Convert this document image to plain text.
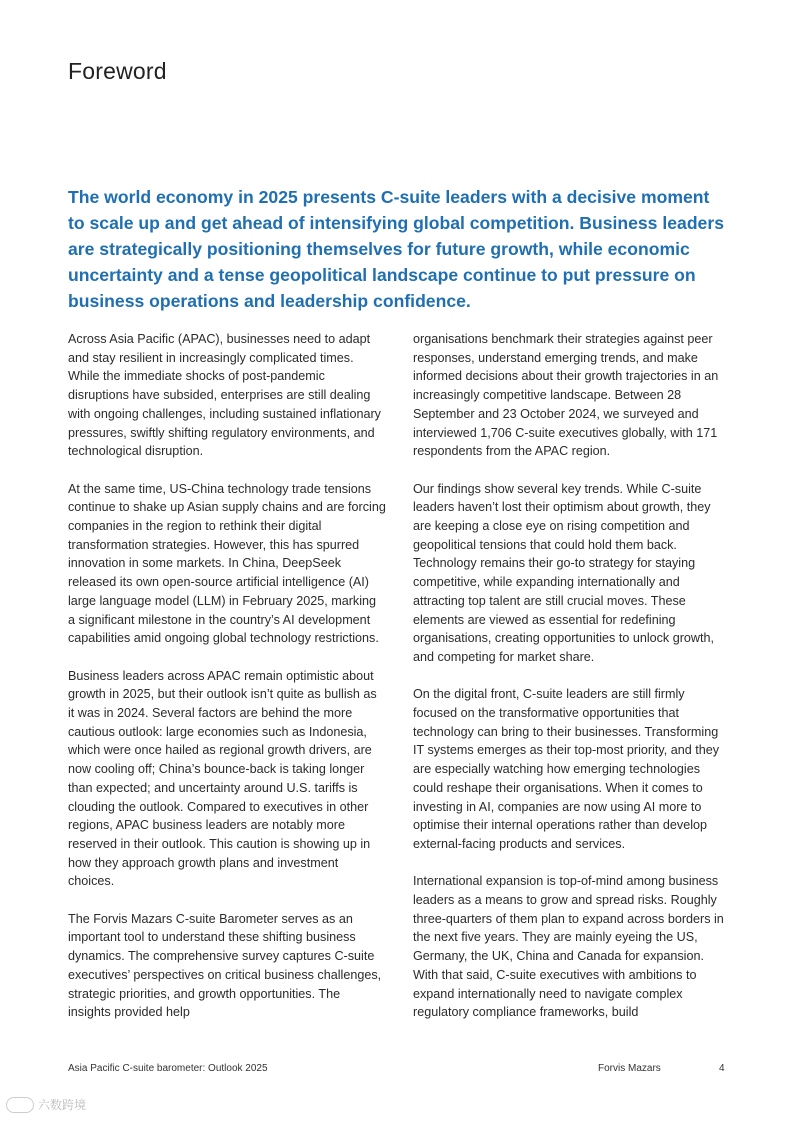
Foreword

The world economy in 2025 presents C-suite leaders with a decisive moment to scale up and get ahead of intensifying global competition. Business leaders are strategically positioning themselves for future growth, while economic uncertainty and a tense geopolitical landscape continue to put pressure on business operations and leadership confidence.

Across Asia Pacific (APAC), businesses need to adapt and stay resilient in increasingly complicated times. While the immediate shocks of post-pandemic disruptions have subsided, enterprises are still dealing with ongoing challenges, including sustained inflationary pressures, swiftly shifting regulatory environments, and technological disruption.

At the same time, US-China technology trade tensions continue to shake up Asian supply chains and are forcing companies in the region to rethink their digital transformation strategies. However, this has spurred innovation in some markets. In China, DeepSeek released its own open-source artificial intelligence (AI) large language model (LLM) in February 2025, marking a significant milestone in the country’s AI development capabilities amid ongoing global technology restrictions.

Business leaders across APAC remain optimistic about growth in 2025, but their outlook isn’t quite as bullish as it was in 2024. Several factors are behind the more cautious outlook: large economies such as Indonesia, which were once hailed as regional growth drivers, are now cooling off; China’s bounce-back is taking longer than expected; and uncertainty around U.S. tariffs is clouding the outlook. Compared to executives in other regions, APAC business leaders are notably more reserved in their outlook. This caution is showing up in how they approach growth plans and investment choices.

The Forvis Mazars C-suite Barometer serves as an important tool to understand these shifting business dynamics. The comprehensive survey captures C-suite executives’ perspectives on critical business challenges, strategic priorities, and growth opportunities. The insights provided help

organisations benchmark their strategies against peer responses, understand emerging trends, and make informed decisions about their growth trajectories in an increasingly competitive landscape. Between 28 September and 23 October 2024, we surveyed and interviewed 1,706 C-suite executives globally, with 171 respondents from the APAC region.

Our findings show several key trends. While C-suite leaders haven’t lost their optimism about growth, they are keeping a close eye on rising competition and geopolitical tensions that could hold them back. Technology remains their go-to strategy for staying competitive, while expanding internationally and attracting top talent are still crucial moves. These elements are viewed as essential for redefining organisations, creating opportunities to unlock growth, and competing for market share.

On the digital front, C-suite leaders are still firmly focused on the transformative opportunities that technology can bring to their businesses. Transforming IT systems emerges as their top-most priority, and they are especially watching how emerging technologies could reshape their organisations. When it comes to investing in AI, companies are now using AI more to optimise their internal operations rather than develop external-facing products and services.

International expansion is top-of-mind among business leaders as a means to grow and spread risks. Roughly three-quarters of them plan to expand across borders in the next five years. They are mainly eyeing the US, Germany, the UK, China and Canada for expansion. With that said, C-suite executives with ambitions to expand internationally need to navigate complex regulatory compliance frameworks, build

Asia Pacific C-suite barometer: Outlook 2025	Forvis Mazars	4
六数跨境
